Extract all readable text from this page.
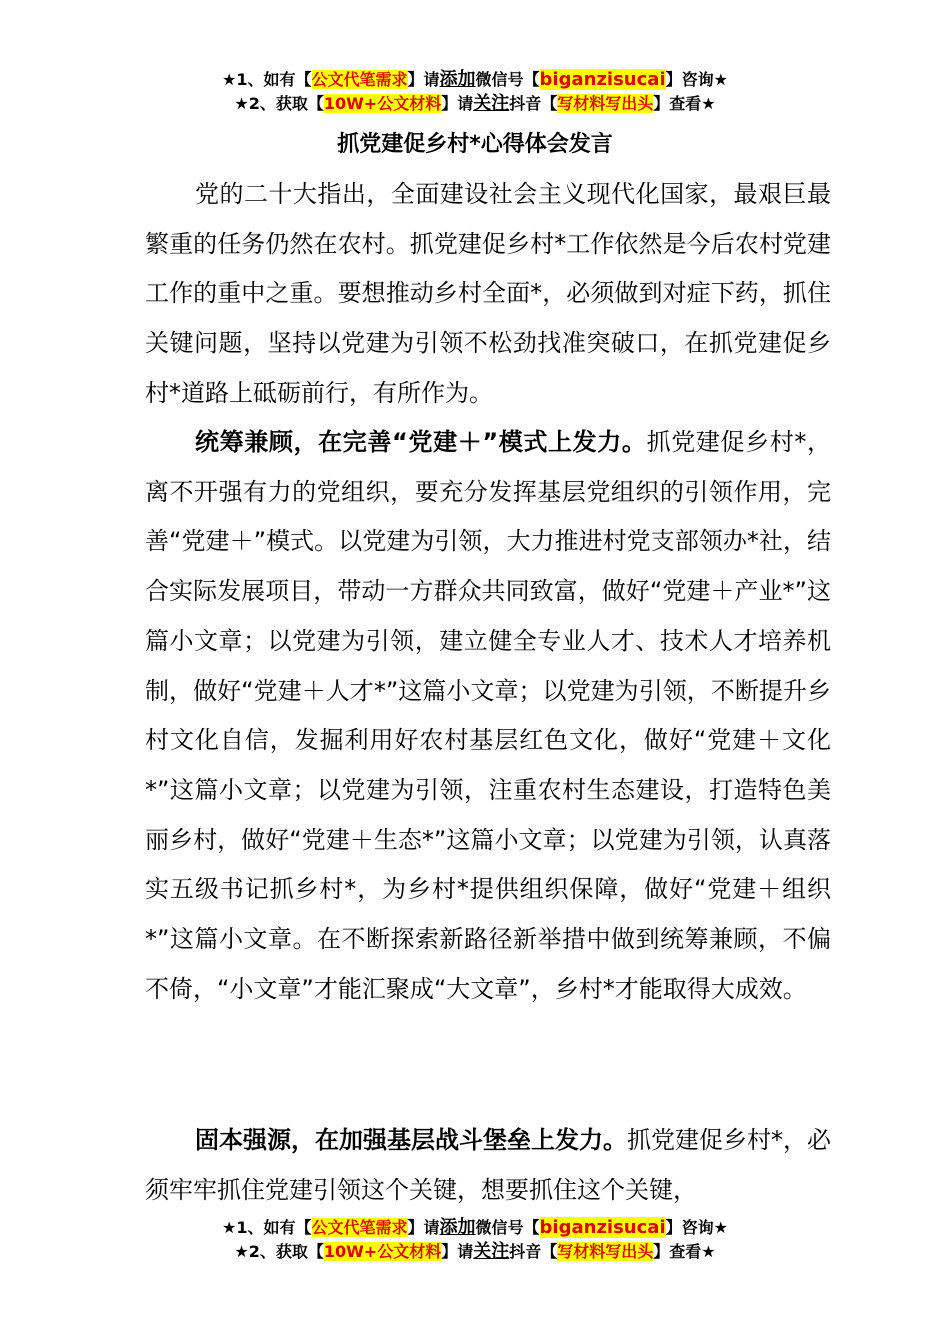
★1、如有【公文代笔需求】请添加微信号【biganzisucai】咨询★
★2、获取【10W+公文材料】请关注抖音【写材料写出头】查看★
抓党建促乡村*心得体会发言

党的二十大指出，全面建设社会主义现代化国家，最艰巨最繁重的任务仍然在农村。抓党建促乡村*工作依然是今后农村党建工作的重中之重。要想推动乡村全面*，必须做到对症下药，抓住关键问题，坚持以党建为引领不松劲找准突破口，在抓党建促乡村*道路上砥砺前行，有所作为。

统筹兼顾，在完善“党建＋”模式上发力。抓党建促乡村*，离不开强有力的党组织，要充分发挥基层党组织的引领作用，完善“党建＋”模式。以党建为引领，大力推进村党支部领办*社，结合实际发展项目，带动一方群众共同致富，做好“党建＋产业*”这篇小文章；以党建为引领，建立健全专业人才、技术人才培养机制，做好“党建＋人才*”这篇小文章；以党建为引领，不断提升乡村文化自信，发掘利用好农村基层红色文化，做好“党建＋文化*”这篇小文章；以党建为引领，注重农村生态建设，打造特色美丽乡村，做好“党建＋生态*”这篇小文章；以党建为引领，认真落实五级书记抓乡村*，为乡村*提供组织保障，做好“党建＋组织*”这篇小文章。在不断探索新路径新举措中做到统筹兼顾，不偏不倚，“小文章”才能汇聚成“大文章”，乡村*才能取得大成效。

固本强源，在加强基层战斗堡垒上发力。抓党建促乡村*，必须牢牢抓住党建引领这个关键，想要抓住这个关键，

★1、如有【公文代笔需求】请添加微信号【biganzisucai】咨询★
★2、获取【10W+公文材料】请关注抖音【写材料写出头】查看★
